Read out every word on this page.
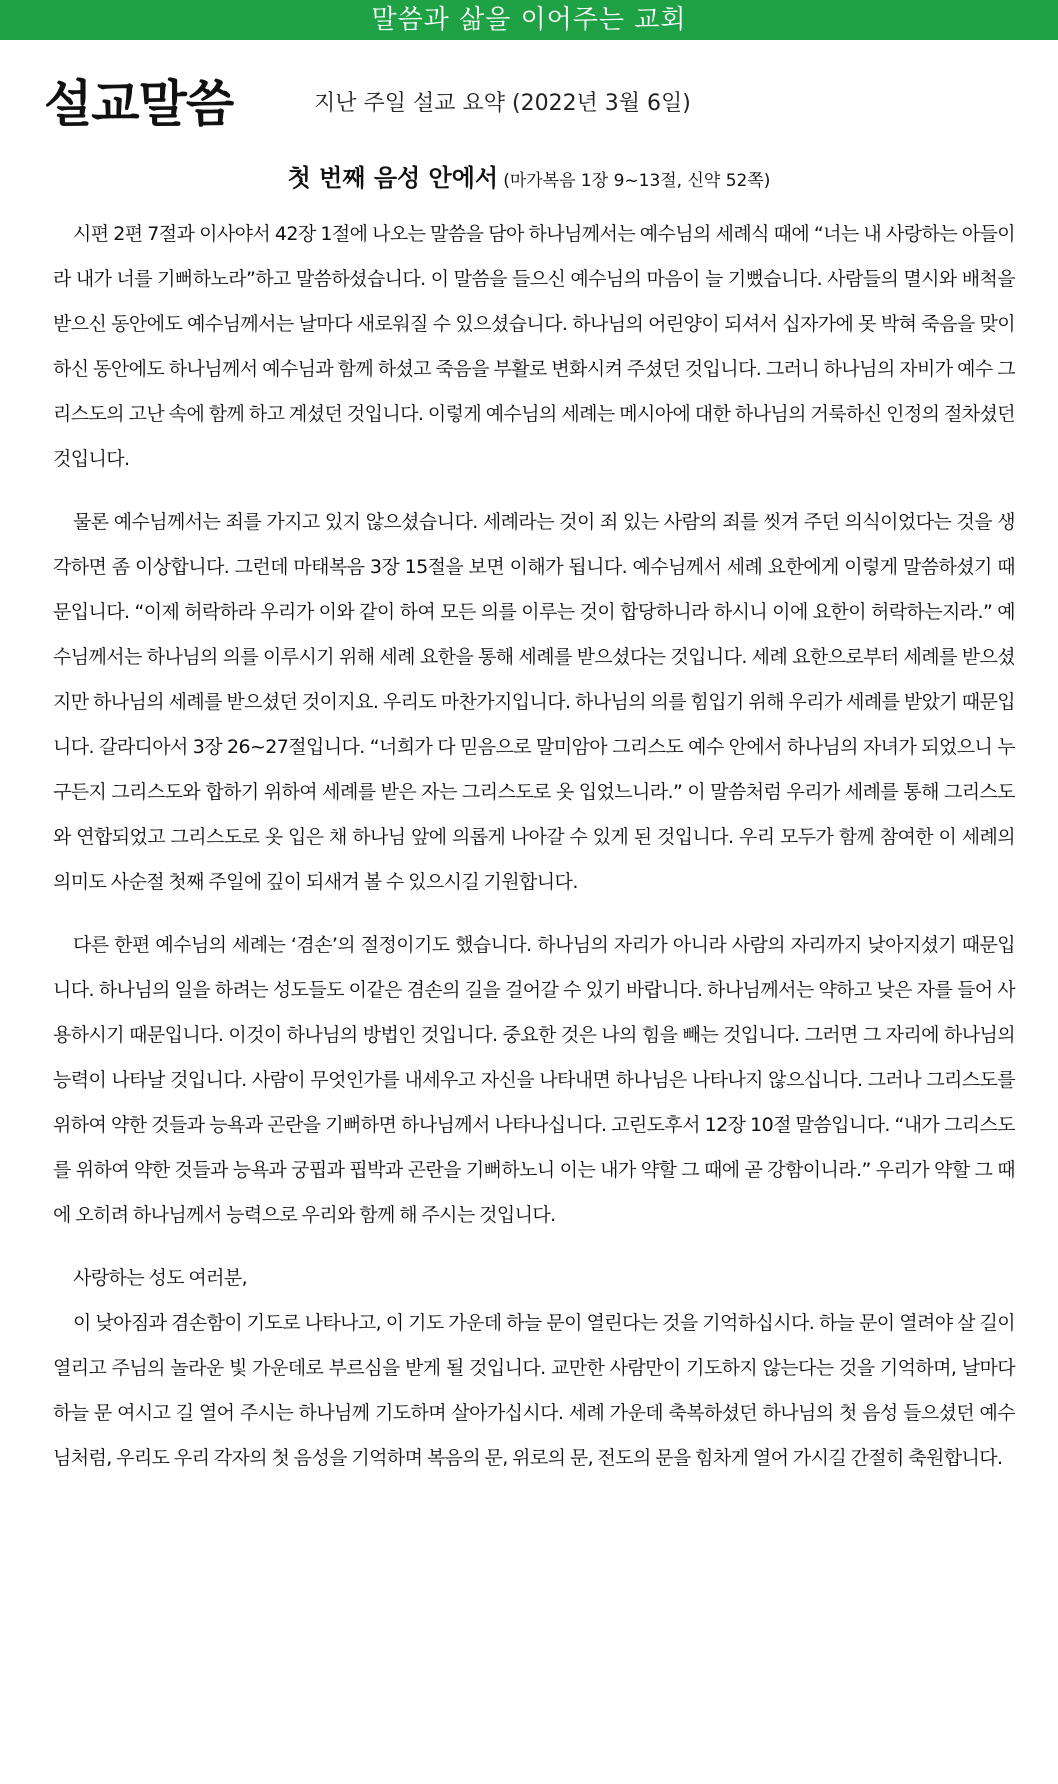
말씀과 삶을 이어주는 교회
설교말씀	지난 주일 설교 요약 (2022년 3월 6일)
첫 번째 음성 안에서 (마가복음 1장 9~13절, 신약 52쪽)

시편 2편 7절과 이사야서 42장 1절에 나오는 말씀을 담아 하나님께서는 예수님의 세례식 때에 “너는 내 사랑하는 아들이라 내가 너를 기뻐하노라”하고 말씀하셨습니다. 이 말씀을 들으신 예수님의 마음이 늘 기뻤습니다. 사람들의 멸시와 배척을 받으신 동안에도 예수님께서는 날마다 새로워질 수 있으셨습니다. 하나님의 어린양이 되셔서 십자가에 못 박혀 죽음을 맞이하신 동안에도 하나님께서 예수님과 함께 하셨고 죽음을 부활로 변화시켜 주셨던 것입니다. 그러니 하나님의 자비가 예수 그리스도의 고난 속에 함께 하고 계셨던 것입니다. 이렇게 예수님의 세례는 메시아에 대한 하나님의 거룩하신 인정의 절차셨던 것입니다.

물론 예수님께서는 죄를 가지고 있지 않으셨습니다. 세례라는 것이 죄 있는 사람의 죄를 씻겨 주던 의식이었다는 것을 생각하면 좀 이상합니다. 그런데 마태복음 3장 15절을 보면 이해가 됩니다. 예수님께서 세례 요한에게 이렇게 말씀하셨기 때문입니다. “이제 허락하라 우리가 이와 같이 하여 모든 의를 이루는 것이 합당하니라 하시니 이에 요한이 허락하는지라.” 예수님께서는 하나님의 의를 이루시기 위해 세례 요한을 통해 세례를 받으셨다는 것입니다. 세례 요한으로부터 세례를 받으셨지만 하나님의 세례를 받으셨던 것이지요. 우리도 마찬가지입니다. 하나님의 의를 힘입기 위해 우리가 세례를 받았기 때문입니다. 갈라디아서 3장 26~27절입니다. “너희가 다 믿음으로 말미암아 그리스도 예수 안에서 하나님의 자녀가 되었으니 누구든지 그리스도와 합하기 위하여 세례를 받은 자는 그리스도로 옷 입었느니라.” 이 말씀처럼 우리가 세례를 통해 그리스도와 연합되었고 그리스도로 옷 입은 채 하나님 앞에 의롭게 나아갈 수 있게 된 것입니다. 우리 모두가 함께 참여한 이 세례의 의미도 사순절 첫째 주일에 깊이 되새겨 볼 수 있으시길 기원합니다.

다른 한편 예수님의 세례는 ‘겸손’의 절정이기도 했습니다. 하나님의 자리가 아니라 사람의 자리까지 낮아지셨기 때문입니다. 하나님의 일을 하려는 성도들도 이같은 겸손의 길을 걸어갈 수 있기 바랍니다. 하나님께서는 약하고 낮은 자를 들어 사용하시기 때문입니다. 이것이 하나님의 방법인 것입니다. 중요한 것은 나의 힘을 빼는 것입니다. 그러면 그 자리에 하나님의 능력이 나타날 것입니다. 사람이 무엇인가를 내세우고 자신을 나타내면 하나님은 나타나지 않으십니다. 그러나 그리스도를 위하여 약한 것들과 능욕과 곤란을 기뻐하면 하나님께서 나타나십니다. 고린도후서 12장 10절 말씀입니다. “내가 그리스도를 위하여 약한 것들과 능욕과 궁핍과 핍박과 곤란을 기뻐하노니 이는 내가 약할 그 때에 곧 강함이니라.” 우리가 약할 그 때에 오히려 하나님께서 능력으로 우리와 함께 해 주시는 것입니다.

사랑하는 성도 여러분,

이 낮아짐과 겸손함이 기도로 나타나고, 이 기도 가운데 하늘 문이 열린다는 것을 기억하십시다. 하늘 문이 열려야 살 길이 열리고 주님의 놀라운 빛 가운데로 부르심을 받게 될 것입니다. 교만한 사람만이 기도하지 않는다는 것을 기억하며, 날마다 하늘 문 여시고 길 열어 주시는 하나님께 기도하며 살아가십시다. 세례 가운데 축복하셨던 하나님의 첫 음성 들으셨던 예수님처럼, 우리도 우리 각자의 첫 음성을 기억하며 복음의 문, 위로의 문, 전도의 문을 힘차게 열어 가시길 간절히 축원합니다.
